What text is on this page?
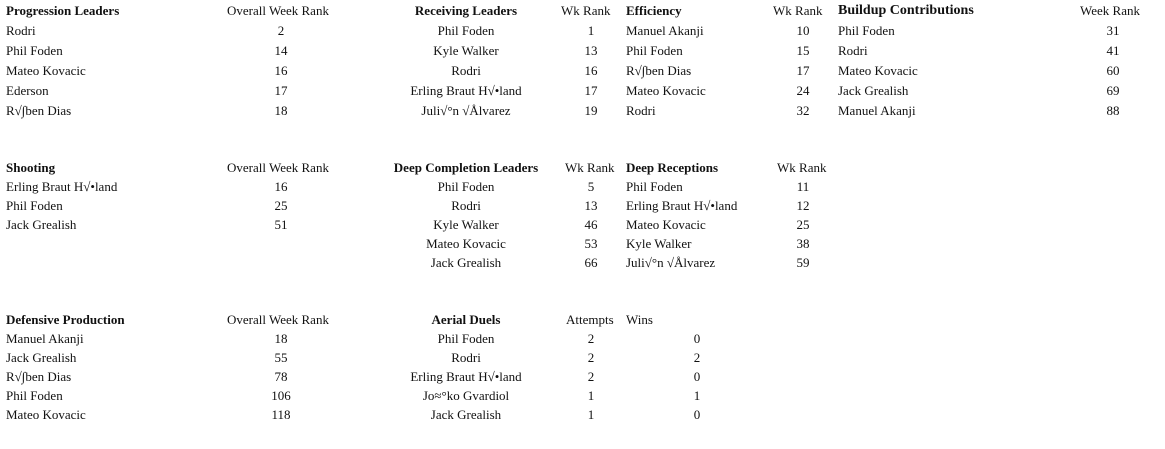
Progression Leaders	Overall Week Rank
Rodri	2
Phil Foden	14
Mateo Kovacic	16
Ederson	17
R√∫ben Dias	18
Receiving Leaders	Wk Rank
Phil Foden	1
Kyle Walker	13
Rodri	16
Erling Braut H√•land	17
Juli√°n √Ålvarez	19
Efficiency	Wk Rank
Manuel Akanji	10
Phil Foden	15
R√∫ben Dias	17
Mateo Kovacic	24
Rodri	32
Buildup Contributions	Week Rank
Phil Foden	31
Rodri	41
Mateo Kovacic	60
Jack Grealish	69
Manuel Akanji	88
Shooting	Overall Week Rank
Erling Braut H√•land	16
Phil Foden	25
Jack Grealish	51
Deep Completion Leaders	Wk Rank
Phil Foden	5
Rodri	13
Kyle Walker	46
Mateo Kovacic	53
Jack Grealish	66
Deep Receptions	Wk Rank
Phil Foden	11
Erling Braut H√•land	12
Mateo Kovacic	25
Kyle Walker	38
Juli√°n √Ålvarez	59
Defensive Production	Overall Week Rank
Manuel Akanji	18
Jack Grealish	55
R√∫ben Dias	78
Phil Foden	106
Mateo Kovacic	118
Aerial Duels	Attempts Wins
Phil Foden	2	0
Rodri	2	2
Erling Braut H√•land	2	0
Jo≈°ko Gvardiol	1	1
Jack Grealish	1	0
